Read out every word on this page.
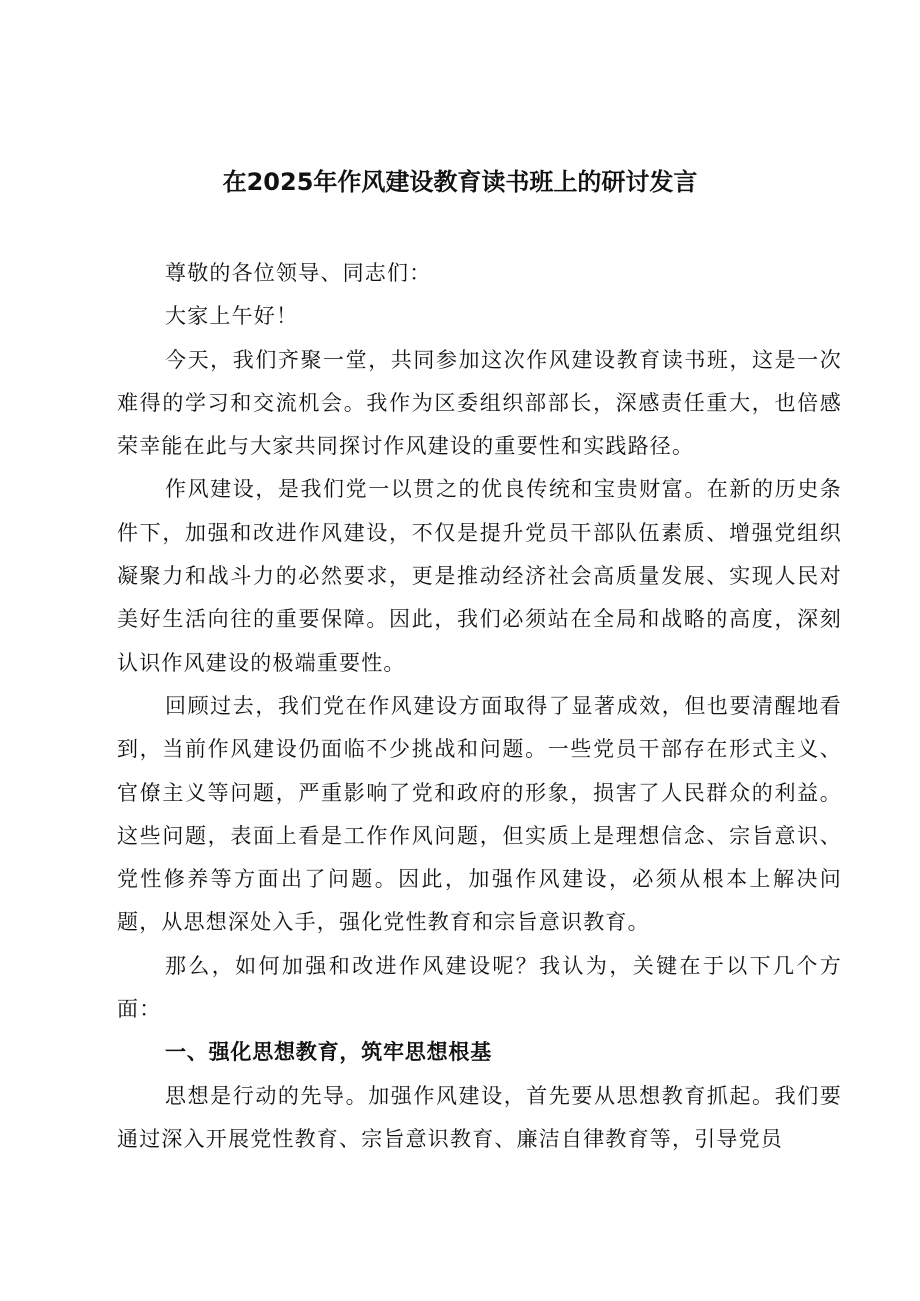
在2025年作风建设教育读书班上的研讨发言

尊敬的各位领导、同志们：

大家上午好！

今天，我们齐聚一堂，共同参加这次作风建设教育读书班，这是一次难得的学习和交流机会。我作为区委组织部部长，深感责任重大，也倍感荣幸能在此与大家共同探讨作风建设的重要性和实践路径。

作风建设，是我们党一以贯之的优良传统和宝贵财富。在新的历史条件下，加强和改进作风建设，不仅是提升党员干部队伍素质、增强党组织凝聚力和战斗力的必然要求，更是推动经济社会高质量发展、实现人民对美好生活向往的重要保障。因此，我们必须站在全局和战略的高度，深刻认识作风建设的极端重要性。

回顾过去，我们党在作风建设方面取得了显著成效，但也要清醒地看到，当前作风建设仍面临不少挑战和问题。一些党员干部存在形式主义、官僚主义等问题，严重影响了党和政府的形象，损害了人民群众的利益。这些问题，表面上看是工作作风问题，但实质上是理想信念、宗旨意识、党性修养等方面出了问题。因此，加强作风建设，必须从根本上解决问题，从思想深处入手，强化党性教育和宗旨意识教育。

那么，如何加强和改进作风建设呢？我认为，关键在于以下几个方面：

一、强化思想教育，筑牢思想根基

思想是行动的先导。加强作风建设，首先要从思想教育抓起。我们要通过深入开展党性教育、宗旨意识教育、廉洁自律教育等，引导党员
